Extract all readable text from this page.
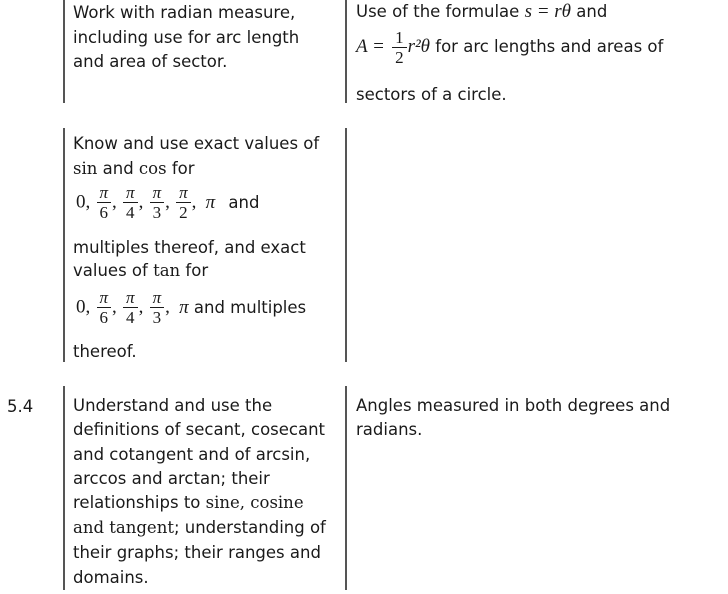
Work with radian measure,
including use for arc length
and area of sector.
Use of the formulae s = rθ and
$A = \frac{1}{2} r^2\theta$ for arc lengths and areas of
sectors of a circle.
Know and use exact values of
sin and cos for
0, $\frac{\pi}{6}$ , $\frac{\pi}{4}$ , $\frac{\pi}{3}$ , $\frac{\pi}{2}$ , π and
multiples thereof, and exact
values of tan for
0, $\frac{\pi}{6}$ , $\frac{\pi}{4}$ , $\frac{\pi}{3}$ , π and multiples
thereof.
5.4 Understand and use the
definitions of secant, cosecant
and cotangent and of arcsin,
arccos and arctan; their
relationships to sine, cosine
and tangent; understanding of
their graphs; their ranges and
domains.
Angles measured in both degrees and
radians.
